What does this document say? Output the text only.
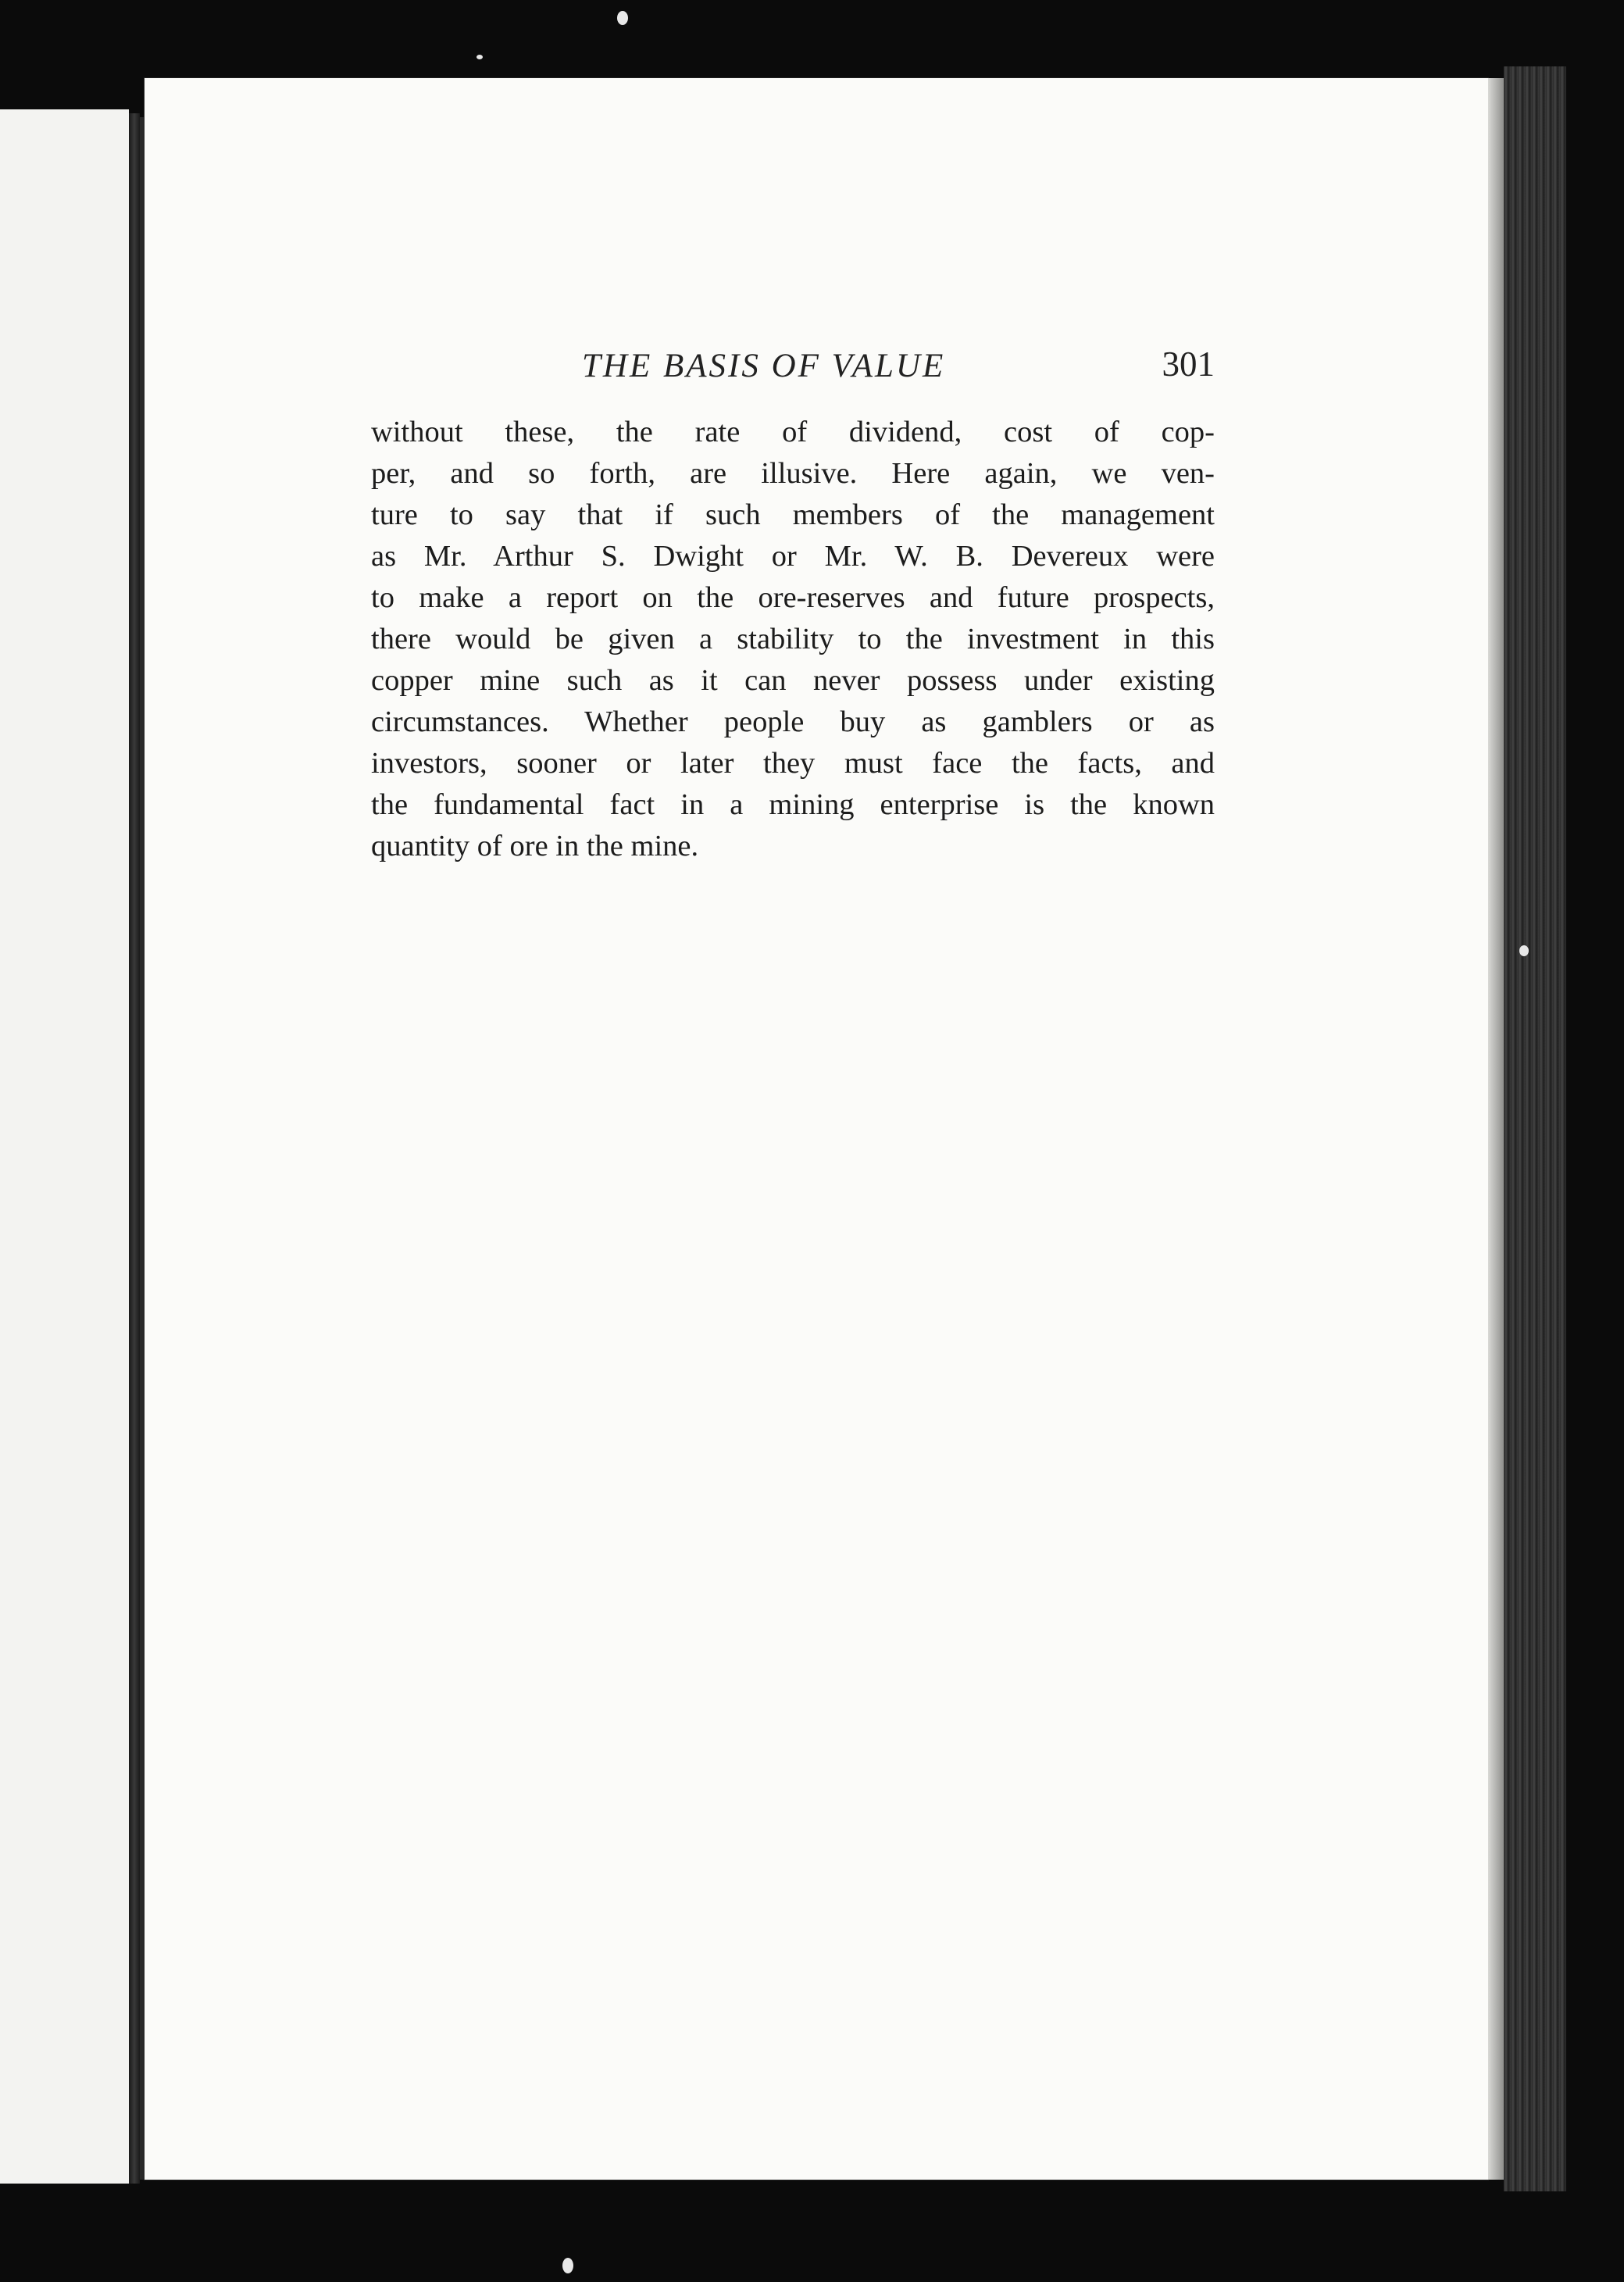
THE BASIS OF VALUE	301
without these, the rate of dividend, cost of cop-
per, and so forth, are illusive. Here again, we ven-
ture to say that if such members of the management
as Mr. Arthur S. Dwight or Mr. W. B. Devereux were
to make a report on the ore-reserves and future prospects,
there would be given a stability to the investment in this
copper mine such as it can never possess under existing
circumstances. Whether people buy as gamblers or as
investors, sooner or later they must face the facts, and
the fundamental fact in a mining enterprise is the known
quantity of ore in the mine.
